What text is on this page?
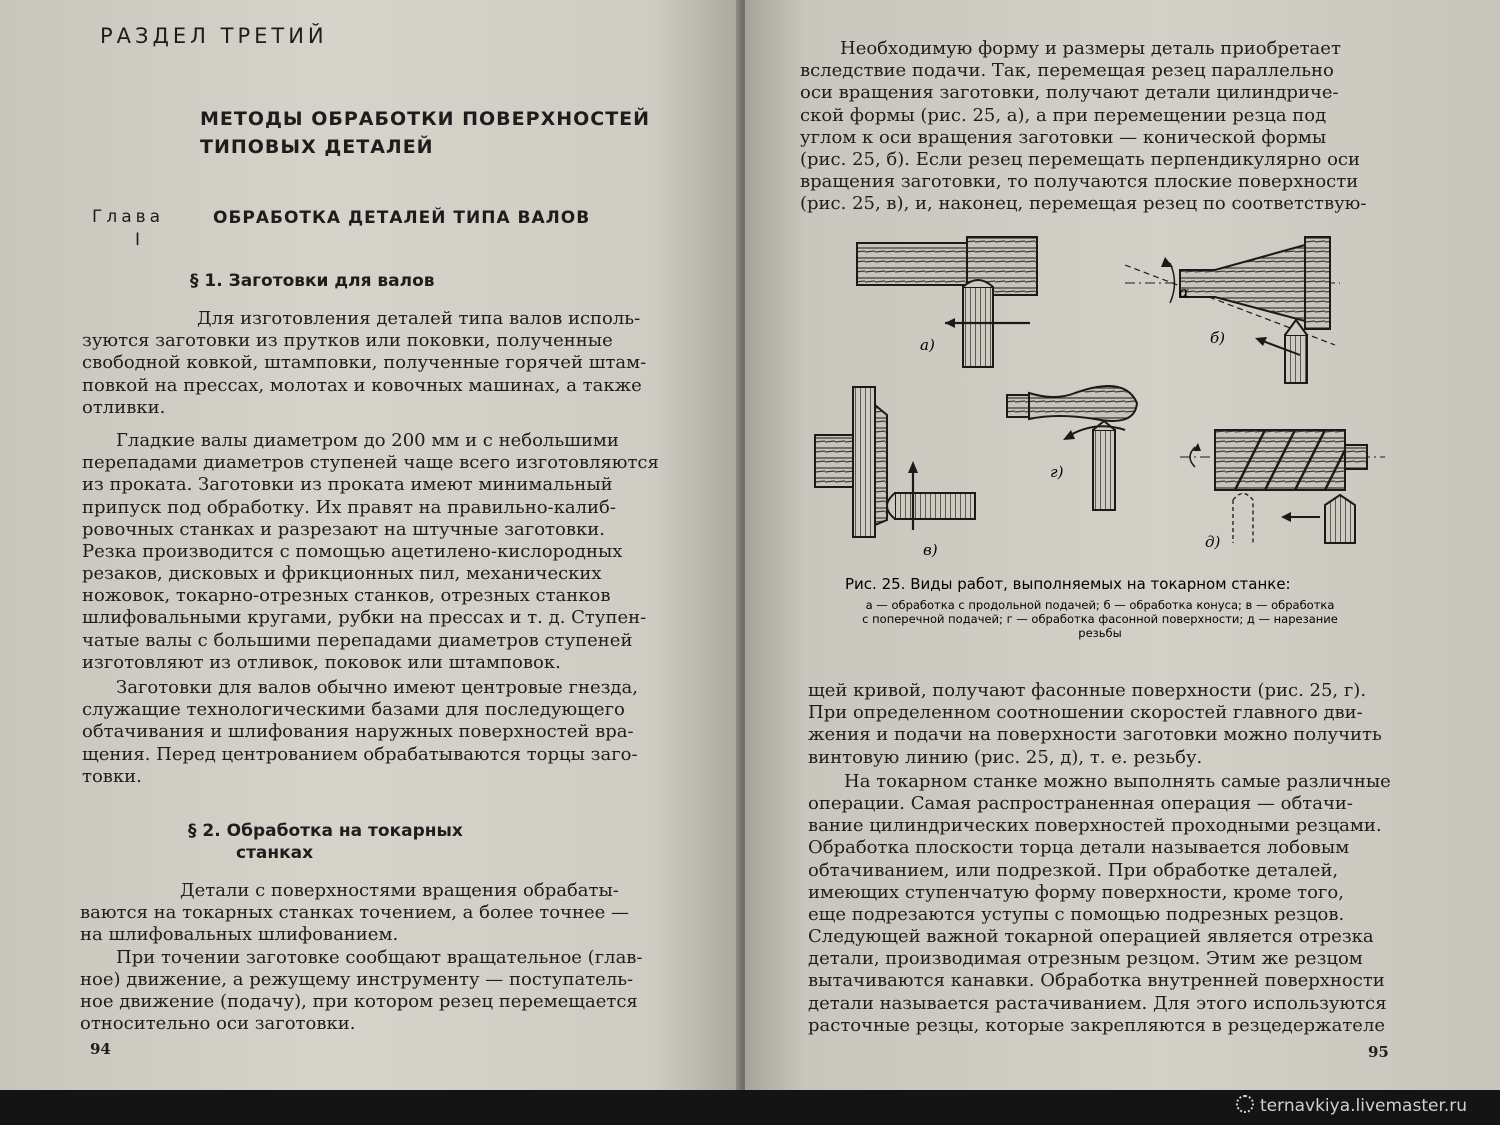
РАЗДЕЛ ТРЕТИЙ
МЕТОДЫ ОБРАБОТКИ ПОВЕРХНОСТЕЙ
ТИПОВЫХ ДЕТАЛЕЙ
Глава
I
ОБРАБОТКА ДЕТАЛЕЙ ТИПА ВАЛОВ
§ 1. Заготовки для валов
Для изготовления деталей типа валов исполь-
зуются заготовки из прутков или поковки, полученные
свободной ковкой, штамповки, полученные горячей штам-
повкой на прессах, молотах и ковочных машинах, а также
отливки.
Гладкие валы диаметром до 200 мм и с небольшими
перепадами диаметров ступеней чаще всего изготовляются
из проката. Заготовки из проката имеют минимальный
припуск под обработку. Их правят на правильно-калиб-
ровочных станках и разрезают на штучные заготовки.
Резка производится с помощью ацетилено-кислородных
резаков, дисковых и фрикционных пил, механических
ножовок, токарно-отрезных станков, отрезных станков
шлифовальными кругами, рубки на прессах и т. д. Ступен-
чатые валы с большими перепадами диаметров ступеней
изготовляют из отливок, поковок или штамповок.
Заготовки для валов обычно имеют центровые гнезда,
служащие технологическими базами для последующего
обтачивания и шлифования наружных поверхностей вра-
щения. Перед центрованием обрабатываются торцы заго-
товки.
§ 2. Обработка на токарных
станках
Детали с поверхностями вращения обрабаты-
ваются на токарных станках точением, а более точнее —
на шлифовальных шлифованием.
При точении заготовке сообщают вращательное (глав-
ное) движение, а режущему инструменту — поступатель-
ное движение (подачу), при котором резец перемещается
относительно оси заготовки.
94
Необходимую форму и размеры деталь приобретает
вследствие подачи. Так, перемещая резец параллельно
оси вращения заготовки, получают детали цилиндриче-
ской формы (рис. 25, а), а при перемещении резца под
углом к оси вращения заготовки — конической формы
(рис. 25, б). Если резец перемещать перпендикулярно оси
вращения заготовки, то получаются плоские поверхности
(рис. 25, в), и, наконец, перемещая резец по соответствую-
щей кривой, получают фасонные поверхности (рис. 25, г).
При определенном соотношении скоростей главного дви-
жения и подачи на поверхности заготовки можно получить
винтовую линию (рис. 25, д), т. е. резьбу.
На токарном станке можно выполнять самые различные
операции. Самая распространенная операция — обтачи-
вание цилиндрических поверхностей проходными резцами.
Обработка плоскости торца детали называется лобовым
обтачиванием, или подрезкой. При обработке деталей,
имеющих ступенчатую форму поверхности, кроме того,
еще подрезаются уступы с помощью подрезных резцов.
Следующей важной токарной операцией является отрезка
детали, производимая отрезным резцом. Этим же резцом
вытачиваются канавки. Обработка внутренней поверхности
детали называется растачиванием. Для этого используются
расточные резцы, которые закрепляются в резцедержателе
95
а)
α
б)
в)
г)
д)
Рис. 25. Виды работ, выполняемых на токарном станке:
а — обработка с продольной подачей; б — обработка конуса; в — обработка
с поперечной подачей; г — обработка фасонной поверхности; д — нарезание
резьбы
ternavkiya.livemaster.ru
